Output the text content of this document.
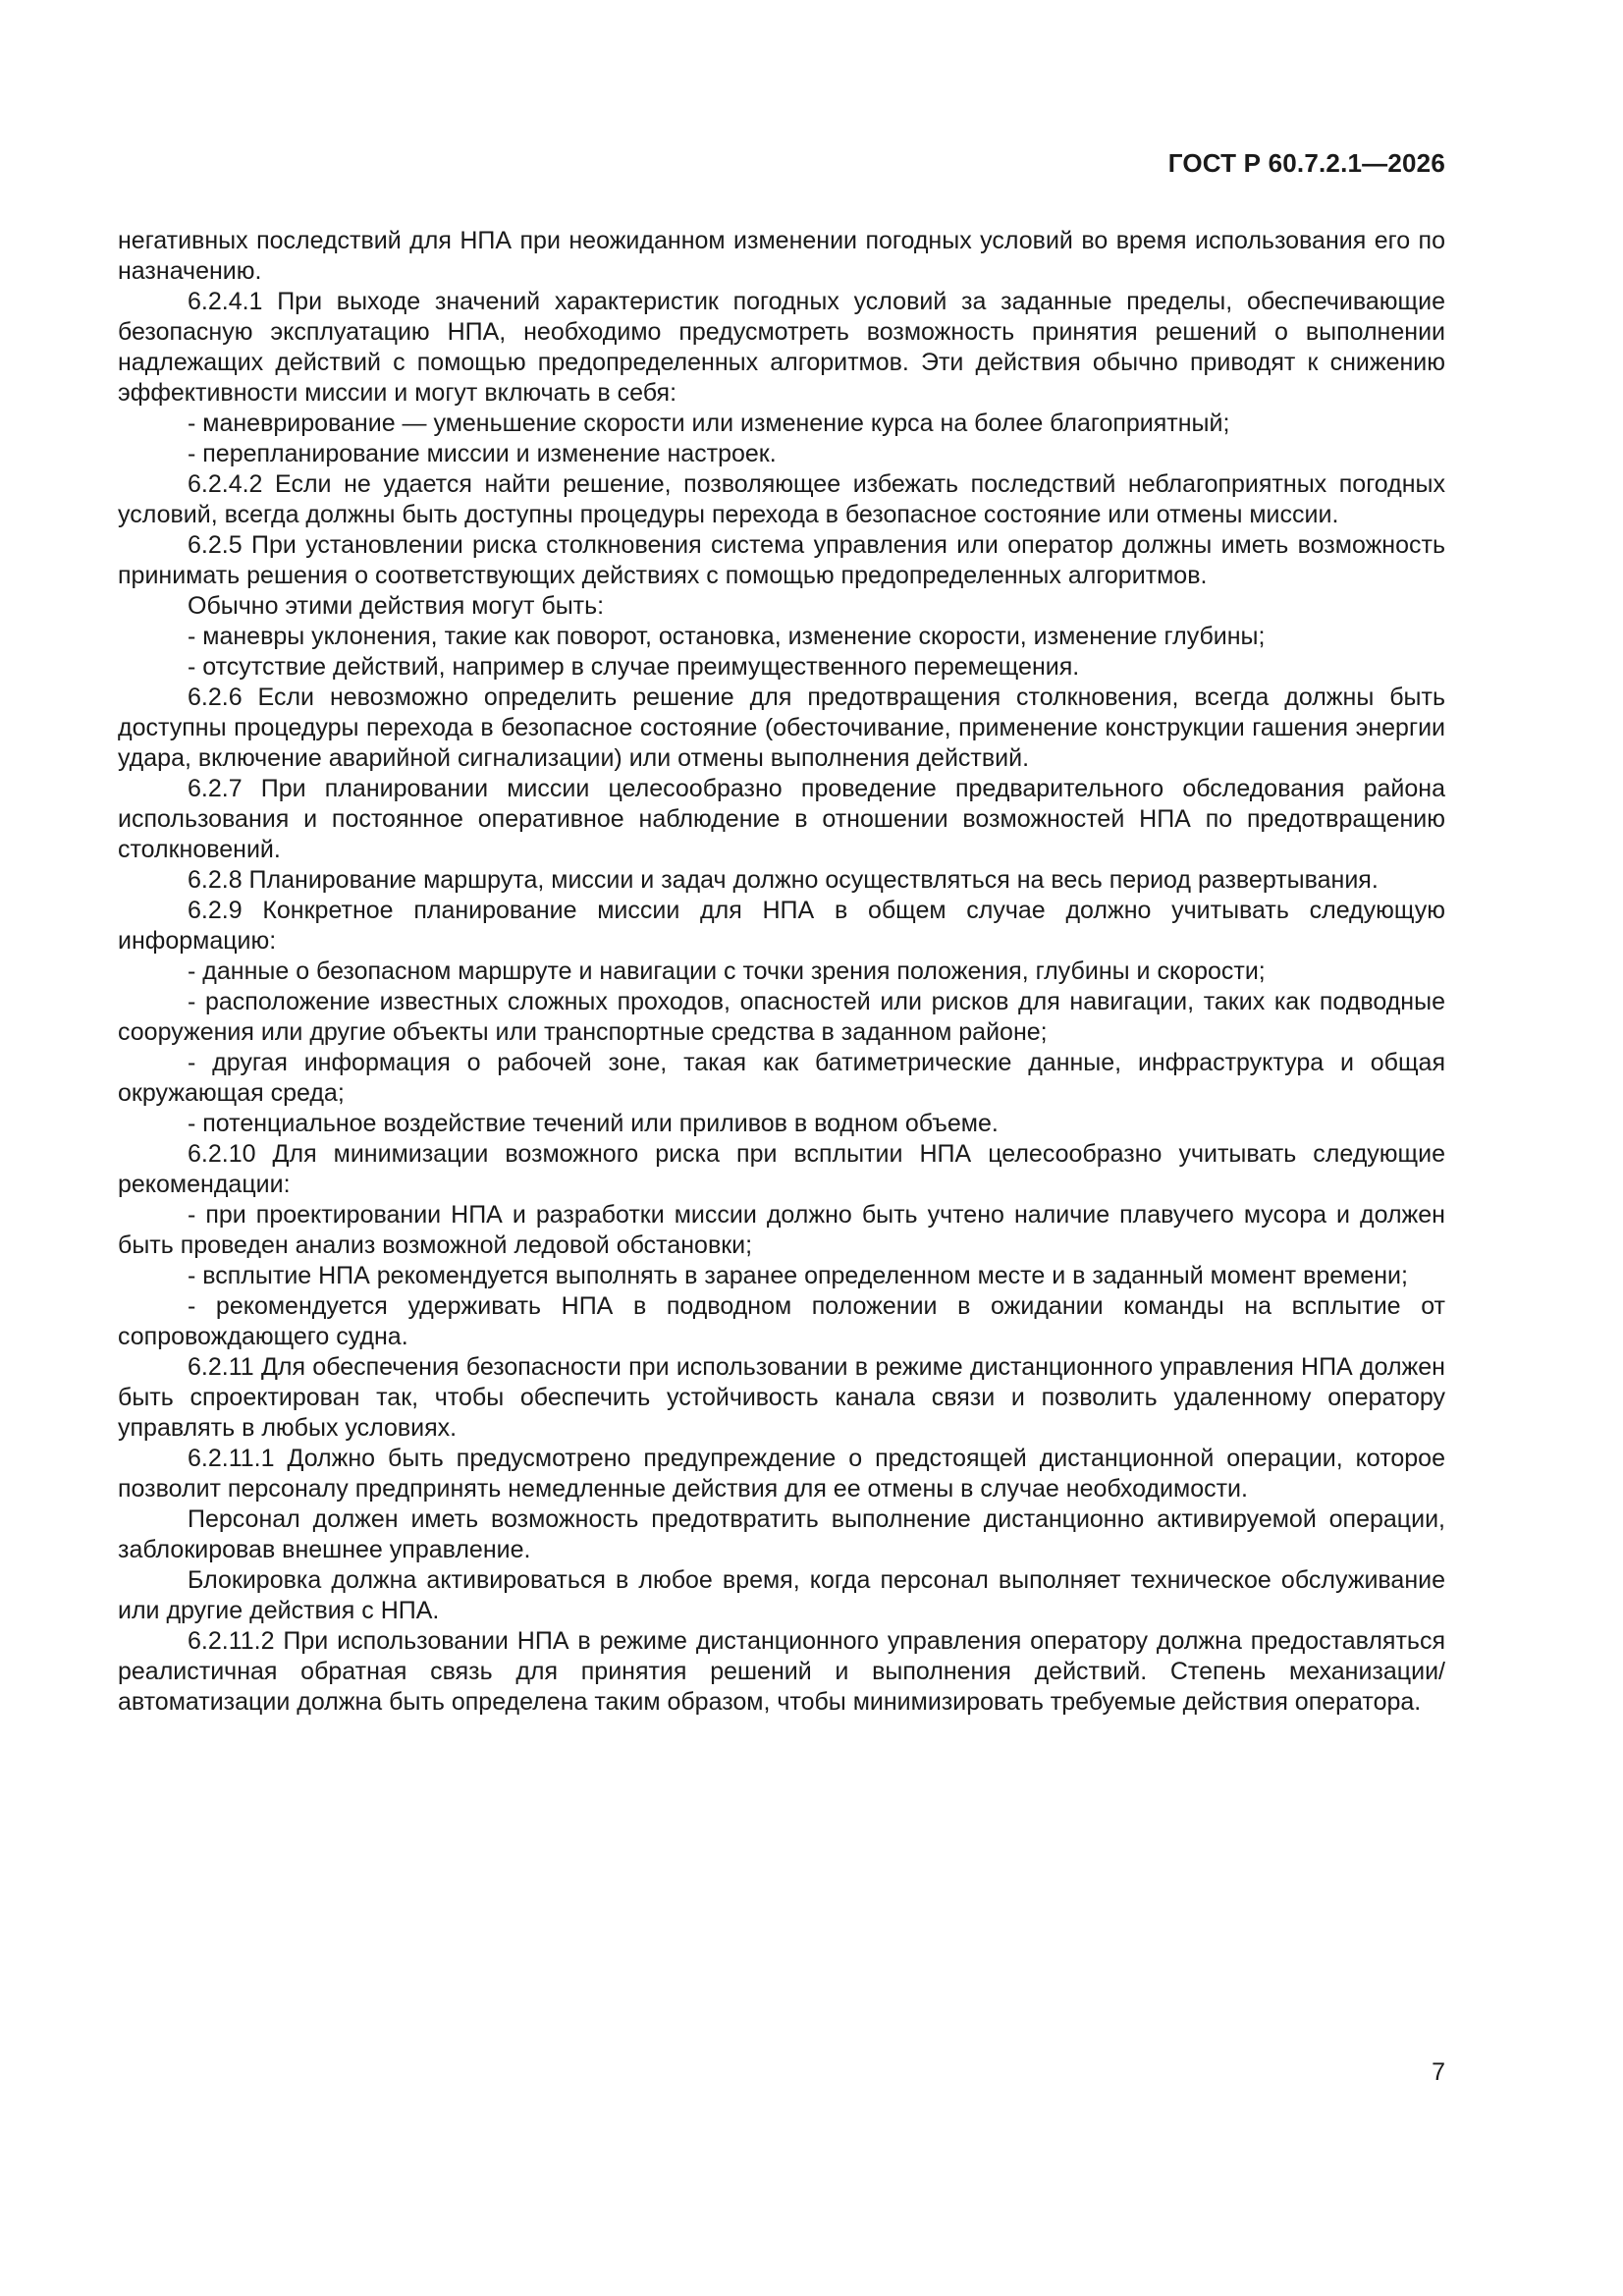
ГОСТ Р 60.7.2.1—2026

негативных последствий для НПА при неожиданном изменении погодных условий во время использования его по назначению.

6.2.4.1 При выходе значений характеристик погодных условий за заданные пределы, обеспечивающие безопасную эксплуатацию НПА, необходимо предусмотреть возможность принятия решений о выполнении надлежащих действий с помощью предопределенных алгоритмов. Эти действия обычно приводят к снижению эффективности миссии и могут включать в себя:

- маневрирование — уменьшение скорости или изменение курса на более благоприятный;

- перепланирование миссии и изменение настроек.

6.2.4.2 Если не удается найти решение, позволяющее избежать последствий неблагоприятных погодных условий, всегда должны быть доступны процедуры перехода в безопасное состояние или отмены миссии.

6.2.5 При установлении риска столкновения система управления или оператор должны иметь возможность принимать решения о соответствующих действиях с помощью предопределенных алгоритмов.

Обычно этими действия могут быть:

- маневры уклонения, такие как поворот, остановка, изменение скорости, изменение глубины;

- отсутствие действий, например в случае преимущественного перемещения.

6.2.6 Если невозможно определить решение для предотвращения столкновения, всегда должны быть доступны процедуры перехода в безопасное состояние (обесточивание, применение конструкции гашения энергии удара, включение аварийной сигнализации) или отмены выполнения действий.

6.2.7 При планировании миссии целесообразно проведение предварительного обследования района использования и постоянное оперативное наблюдение в отношении возможностей НПА по предотвращению столкновений.

6.2.8 Планирование маршрута, миссии и задач должно осуществляться на весь период развертывания.

6.2.9 Конкретное планирование миссии для НПА в общем случае должно учитывать следующую информацию:

- данные о безопасном маршруте и навигации с точки зрения положения, глубины и скорости;

- расположение известных сложных проходов, опасностей или рисков для навигации, таких как подводные сооружения или другие объекты или транспортные средства в заданном районе;

- другая информация о рабочей зоне, такая как батиметрические данные, инфраструктура и общая окружающая среда;

- потенциальное воздействие течений или приливов в водном объеме.

6.2.10 Для минимизации возможного риска при всплытии НПА целесообразно учитывать следующие рекомендации:

- при проектировании НПА и разработки миссии должно быть учтено наличие плавучего мусора и должен быть проведен анализ возможной ледовой обстановки;

- всплытие НПА рекомендуется выполнять в заранее определенном месте и в заданный момент времени;

- рекомендуется удерживать НПА в подводном положении в ожидании команды на всплытие от сопровождающего судна.

6.2.11 Для обеспечения безопасности при использовании в режиме дистанционного управления НПА должен быть спроектирован так, чтобы обеспечить устойчивость канала связи и позволить удаленному оператору управлять в любых условиях.

6.2.11.1 Должно быть предусмотрено предупреждение о предстоящей дистанционной операции, которое позволит персоналу предпринять немедленные действия для ее отмены в случае необходимости.

Персонал должен иметь возможность предотвратить выполнение дистанционно активируемой операции, заблокировав внешнее управление.

Блокировка должна активироваться в любое время, когда персонал выполняет техническое обслуживание или другие действия с НПА.

6.2.11.2 При использовании НПА в режиме дистанционного управления оператору должна предоставляться реалистичная обратная связь для принятия решений и выполнения действий. Степень механизации/автоматизации должна быть определена таким образом, чтобы минимизировать требуемые действия оператора.

7
